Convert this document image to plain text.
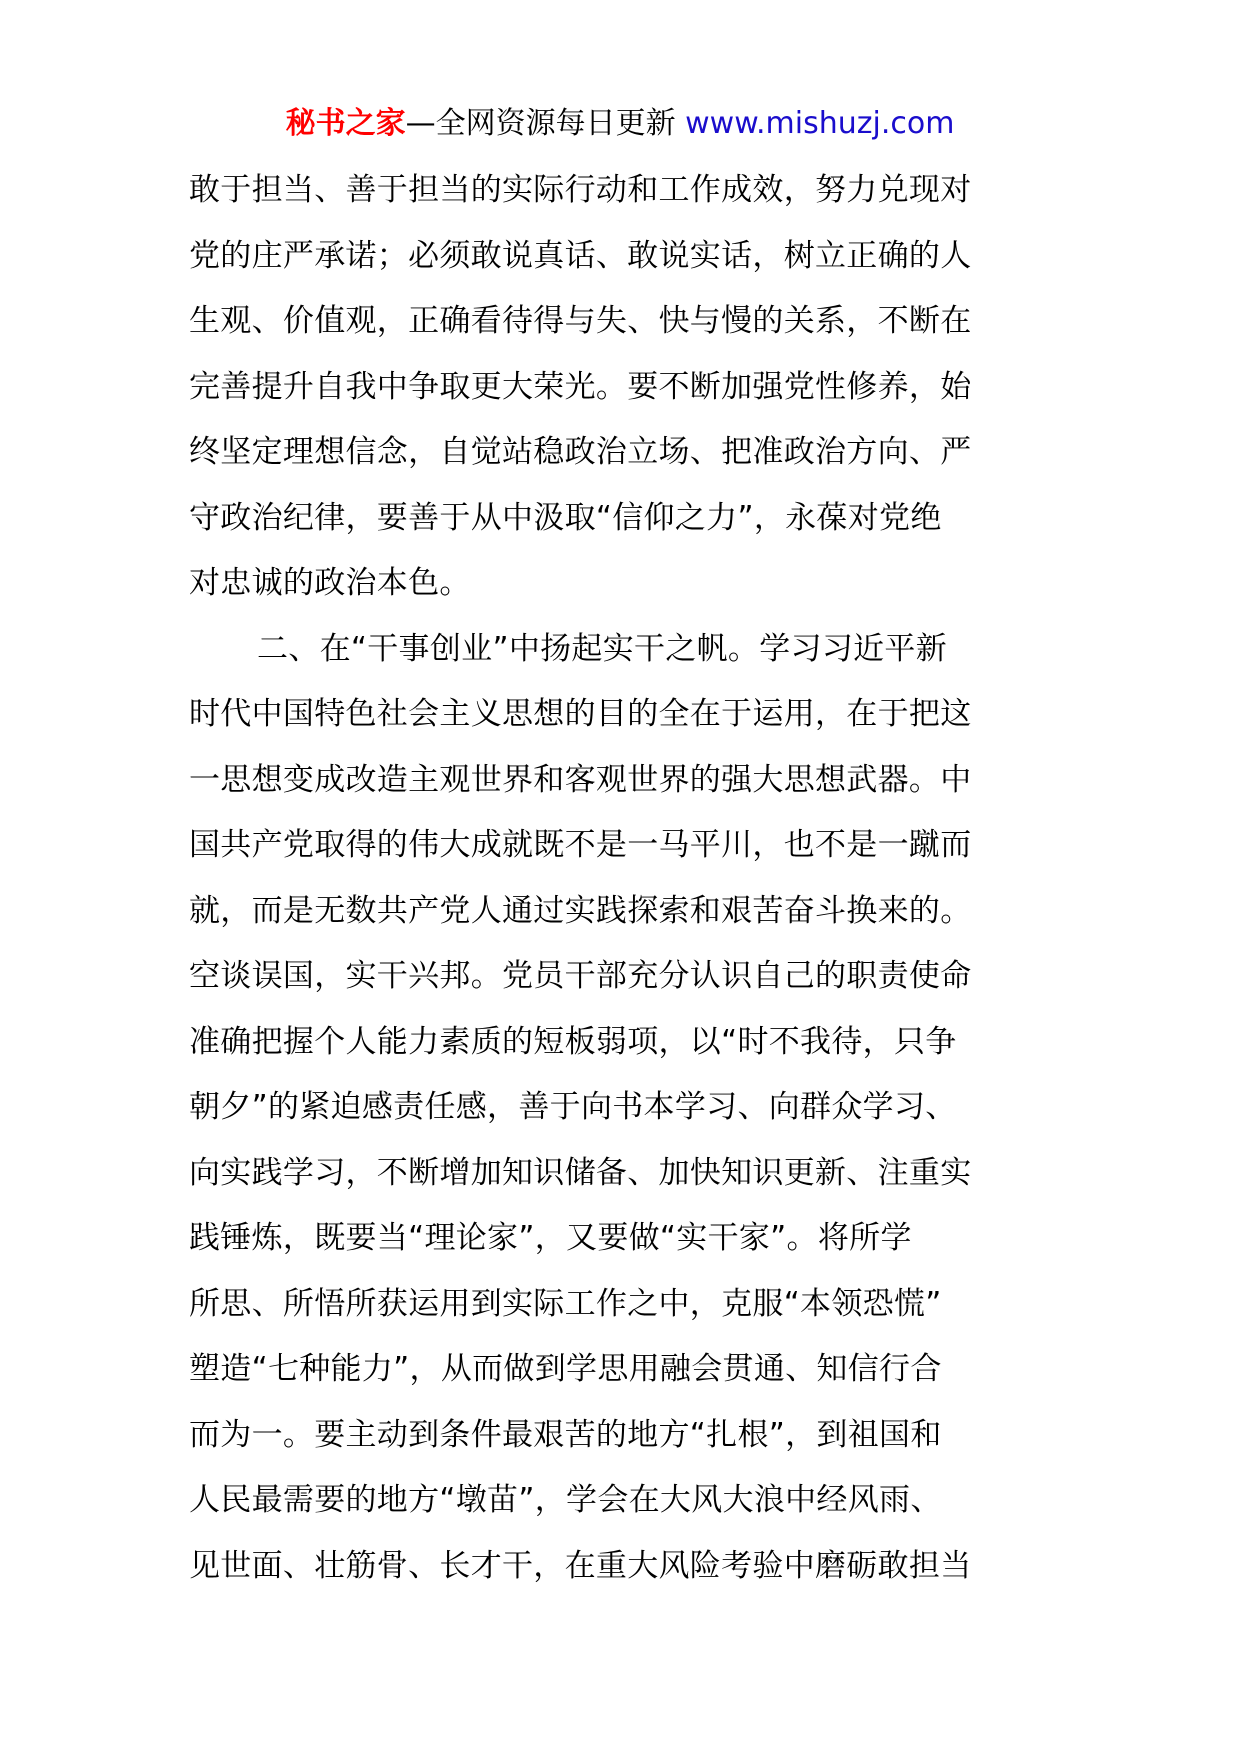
秘书之家—全网资源每日更新 www.mishuzj.com
敢于担当、善于担当的实际行动和工作成效，努力兑现对
党的庄严承诺；必须敢说真话、敢说实话，树立正确的人
生观、价值观，正确看待得与失、快与慢的关系，不断在
完善提升自我中争取更大荣光。要不断加强党性修养，始
终坚定理想信念，自觉站稳政治立场、把准政治方向、严
守政治纪律，要善于从中汲取“信仰之力”，永葆对党绝
对忠诚的政治本色。
二、在“干事创业”中扬起实干之帆。学习习近平新
时代中国特色社会主义思想的目的全在于运用，在于把这
一思想变成改造主观世界和客观世界的强大思想武器。中
国共产党取得的伟大成就既不是一马平川，也不是一蹴而
就，而是无数共产党人通过实践探索和艰苦奋斗换来的。
空谈误国，实干兴邦。党员干部充分认识自己的职责使命
准确把握个人能力素质的短板弱项，以“时不我待，只争
朝夕”的紧迫感责任感，善于向书本学习、向群众学习、
向实践学习，不断增加知识储备、加快知识更新、注重实
践锤炼，既要当“理论家”，又要做“实干家”。将所学
所思、所悟所获运用到实际工作之中，克服“本领恐慌”
塑造“七种能力”，从而做到学思用融会贯通、知信行合
而为一。要主动到条件最艰苦的地方“扎根”，到祖国和
人民最需要的地方“墩苗”，学会在大风大浪中经风雨、
见世面、壮筋骨、长才干，在重大风险考验中磨砺敢担当
